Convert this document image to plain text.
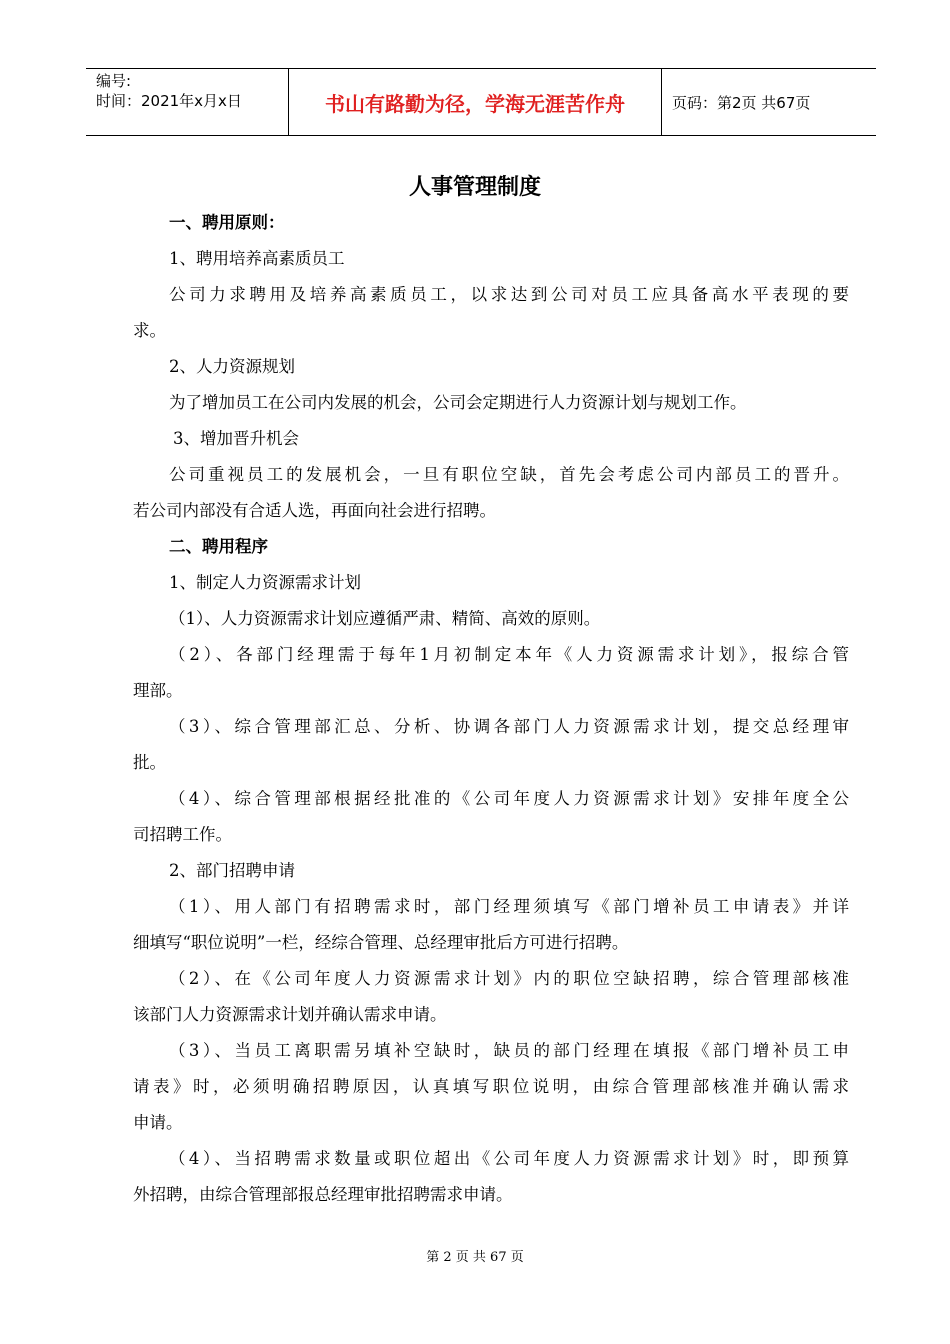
编号:
时间：2021年x月x日	书山有路勤为径，学海无涯苦作舟	页码：第2页 共67页
人事管理制度
一、聘用原则：
1、聘用培养高素质员工
公司力求聘用及培养高素质员工，以求达到公司对员工应具备高水平表现的要
求。
2、人力资源规划
为了增加员工在公司内发展的机会，公司会定期进行人力资源计划与规划工作。
3、增加晋升机会
公司重视员工的发展机会，一旦有职位空缺，首先会考虑公司内部员工的晋升。
若公司内部没有合适人选，再面向社会进行招聘。
二、聘用程序
1、制定人力资源需求计划
（1）、人力资源需求计划应遵循严肃、精简、高效的原则。
（2）、各部门经理需于每年1月初制定本年《人力资源需求计划》，报综合管
理部。
（3）、综合管理部汇总、分析、协调各部门人力资源需求计划，提交总经理审
批。
（4）、综合管理部根据经批准的《公司年度人力资源需求计划》安排年度全公
司招聘工作。
2、部门招聘申请
（1）、用人部门有招聘需求时，部门经理须填写《部门增补员工申请表》并详
细填写“职位说明”一栏，经综合管理、总经理审批后方可进行招聘。
（2）、在《公司年度人力资源需求计划》内的职位空缺招聘，综合管理部核准
该部门人力资源需求计划并确认需求申请。
（3）、当员工离职需另填补空缺时，缺员的部门经理在填报《部门增补员工申
请表》时，必须明确招聘原因，认真填写职位说明，由综合管理部核准并确认需求
申请。
（4）、当招聘需求数量或职位超出《公司年度人力资源需求计划》时，即预算
外招聘，由综合管理部报总经理审批招聘需求申请。
第 2 页 共 67 页
